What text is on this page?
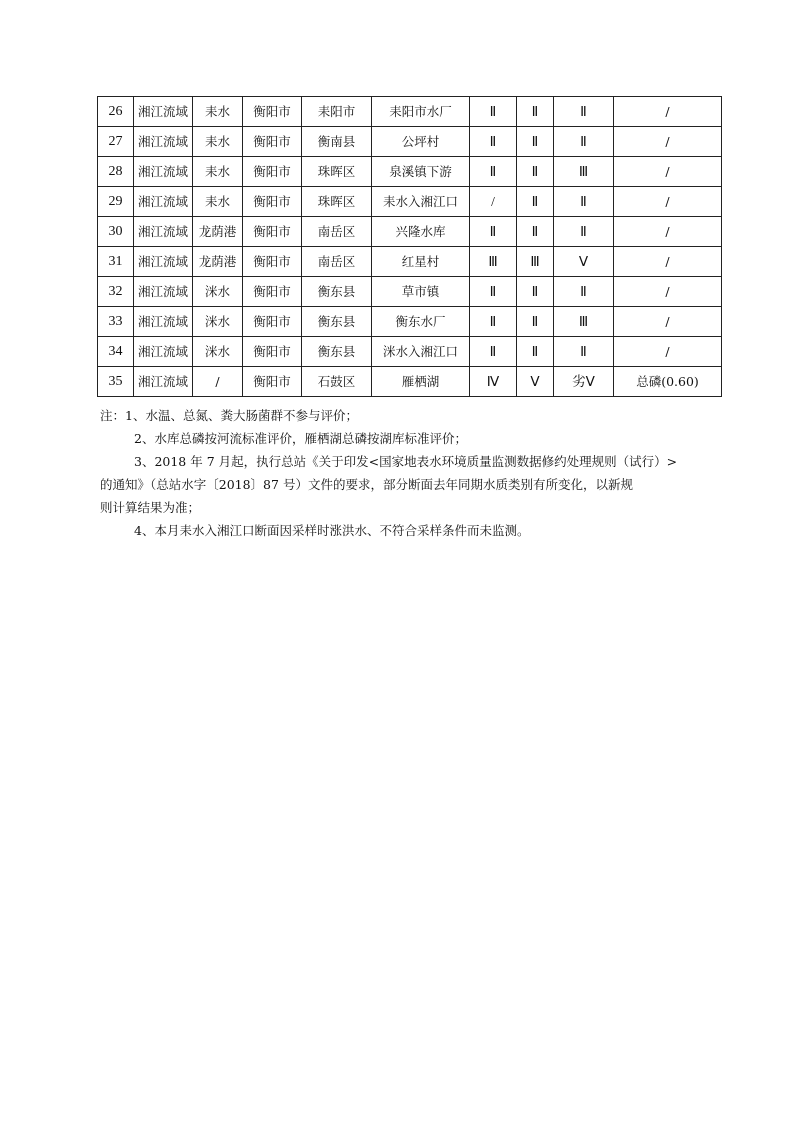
26	湘江流域	耒水	衡阳市	耒阳市	耒阳市水厂	Ⅱ	Ⅱ	Ⅱ	/
27	湘江流域	耒水	衡阳市	衡南县	公坪村	Ⅱ	Ⅱ	Ⅱ	/
28	湘江流域	耒水	衡阳市	珠晖区	泉溪镇下游	Ⅱ	Ⅱ	Ⅲ	/
29	湘江流域	耒水	衡阳市	珠晖区	耒水入湘江口	/	Ⅱ	Ⅱ	/
30	湘江流域	龙荫港	衡阳市	南岳区	兴隆水库	Ⅱ	Ⅱ	Ⅱ	/
31	湘江流域	龙荫港	衡阳市	南岳区	红星村	Ⅲ	Ⅲ	Ⅴ	/
32	湘江流域	洣水	衡阳市	衡东县	草市镇	Ⅱ	Ⅱ	Ⅱ	/
33	湘江流域	洣水	衡阳市	衡东县	衡东水厂	Ⅱ	Ⅱ	Ⅲ	/
34	湘江流域	洣水	衡阳市	衡东县	洣水入湘江口	Ⅱ	Ⅱ	Ⅱ	/
35	湘江流域	/	衡阳市	石鼓区	雁栖湖	Ⅳ	Ⅴ	劣Ⅴ	总磷(0.60)

注：1、水温、总氮、粪大肠菌群不参与评价；

2、水库总磷按河流标准评价，雁栖湖总磷按湖库标准评价；

3、2018 年 7 月起，执行总站《关于印发<国家地表水环境质量监测数据修约处理规则（试行）>

的通知》（总站水字〔2018〕87 号）文件的要求，部分断面去年同期水质类别有所变化，以新规

则计算结果为准；

4、本月耒水入湘江口断面因采样时涨洪水、不符合采样条件而未监测。
